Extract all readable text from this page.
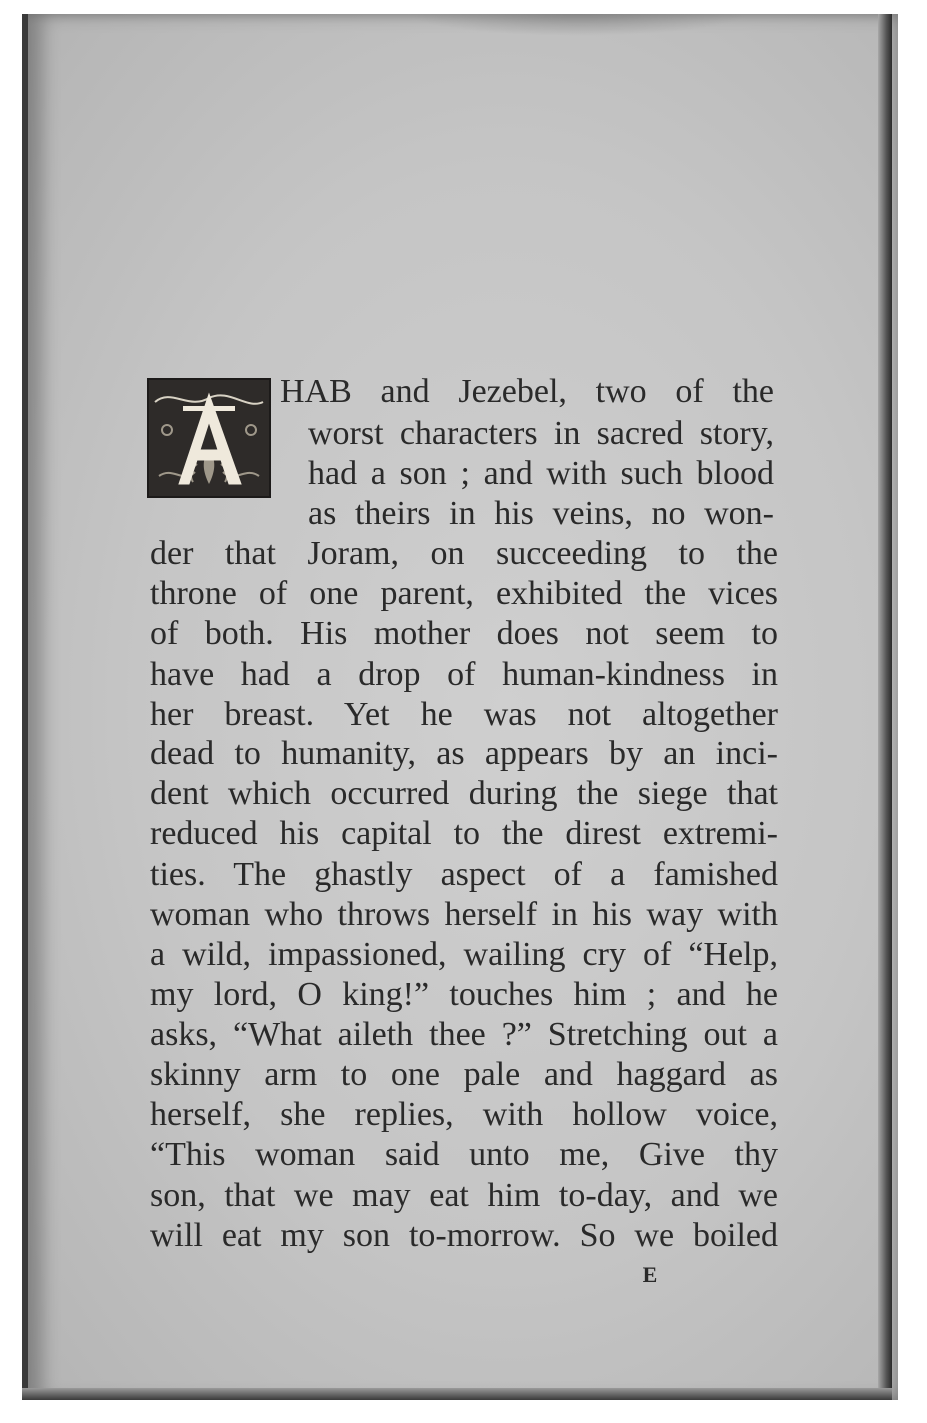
HAB and Jezebel, two of the
worst characters in sacred story,
had a son ; and with such blood
as theirs in his veins, no won-
der that Joram, on succeeding to the
throne of one parent, exhibited the vices
of both. His mother does not seem to
have had a drop of human-kindness in
her breast. Yet he was not altogether
dead to humanity, as appears by an inci-
dent which occurred during the siege that
reduced his capital to the direst extremi-
ties. The ghastly aspect of a famished
woman who throws herself in his way with
a wild, impassioned, wailing cry of “Help,
my lord, O king!” touches him ; and he
asks, “What aileth thee ?” Stretching out a
skinny arm to one pale and haggard as
herself, she replies, with hollow voice,
“This woman said unto me, Give thy
son, that we may eat him to-day, and we
will eat my son to-morrow. So we boiled
E
